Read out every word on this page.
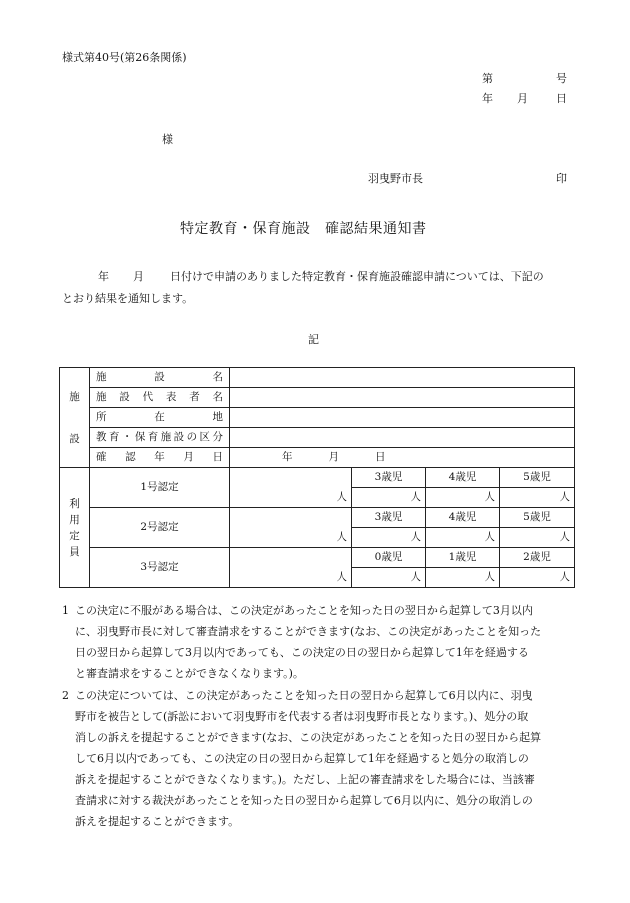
様式第40号(第26条関係)
第	号
年 月	日
様
羽曳野市長	印
特定教育・保育施設　確認結果通知書
年 月 日付けで申請のありました特定教育・保育施設確認申請については、下記の
とおり結果を通知します。
記
施
設	施設名				
	施設代表者名				
	所在地				
	教育・保育施設の区分				
	確認年月日	年 月 日			

利
用
定
員	1号認定	人	3歳児	4歳児	5歳児
			人	人	人
	2号認定	人	3歳児	4歳児	5歳児
			人	人	人
	3号認定	人	0歳児	1歳児	2歳児
			人	人	人
1 この決定に不服がある場合は、この決定があったことを知った日の翌日から起算して3月以内
に、羽曳野市長に対して審査請求をすることができます(なお、この決定があったことを知った
日の翌日から起算して3月以内であっても、この決定の日の翌日から起算して1年を経過する
と審査請求をすることができなくなります。)。
2 この決定については、この決定があったことを知った日の翌日から起算して6月以内に、羽曳
野市を被告として(訴訟において羽曳野市を代表する者は羽曳野市長となります。)、処分の取
消しの訴えを提起することができます(なお、この決定があったことを知った日の翌日から起算
して6月以内であっても、この決定の日の翌日から起算して1年を経過すると処分の取消しの
訴えを提起することができなくなります。)。ただし、上記の審査請求をした場合には、当該審
査請求に対する裁決があったことを知った日の翌日から起算して6月以内に、処分の取消しの
訴えを提起することができます。
